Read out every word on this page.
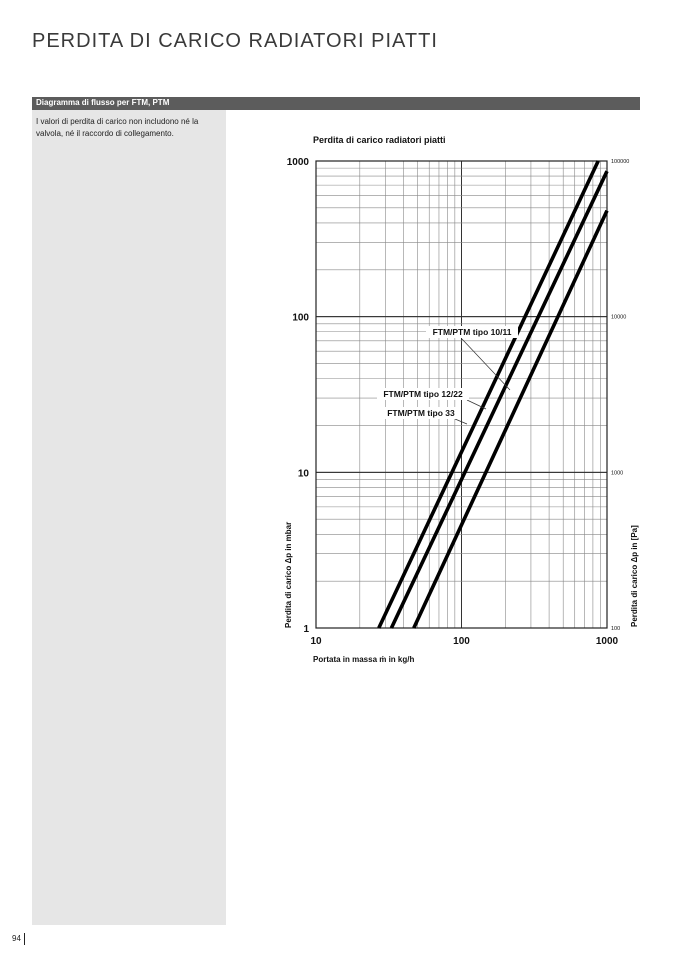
PERDITA DI CARICO RADIATORI PIATTI
Diagramma di flusso per FTM, PTM

I valori di perdita di carico non includono né la valvola, né il raccordo di collegamento.

Perdita di carico radiatori piatti
10	100	1000
1
10
100
1000
100
1000
10000
100000
FTM/PTM tipo 10/11
FTM/PTM tipo 12/22
FTM/PTM tipo 33
Portata in massa ṁ in kg/h
Perdita di carico Δp in mbar	Perdita di carico Δp in [Pa]
94
